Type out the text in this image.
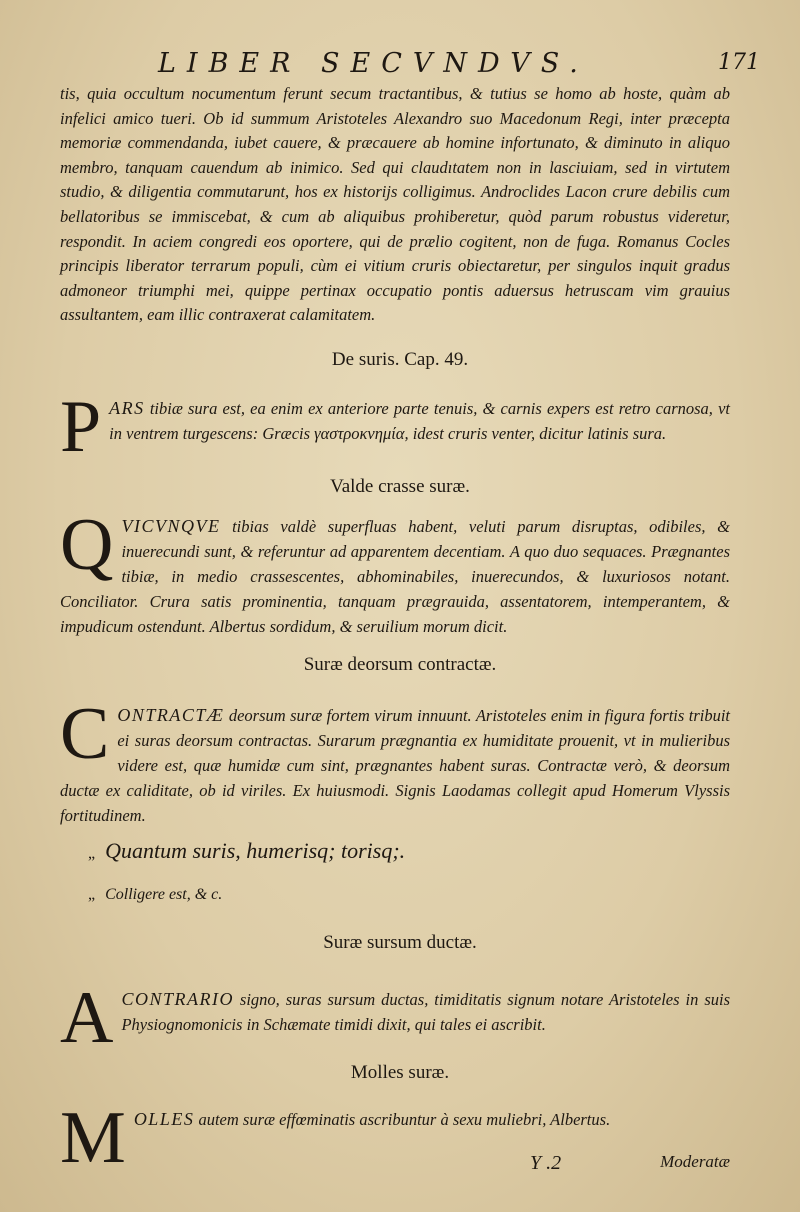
LIBER SECVNDVS.	171

tis, quia occultum nocumentum ferunt secum tractantibus, & tutius se homo ab hoste, quàm ab infelici amico tueri. Ob id summum Aristoteles Alexandro suo Macedonum Regi, inter præcepta memoriæ commendanda, iubet cauere, & præcauere ab homine infortunato, & diminuto in aliquo membro, tanquam cauendum ab inimico. Sed qui claudıtatem non in lasciuiam, sed in virtutem studio, & diligentia commutarunt, hos ex historijs colligimus. Androclides Lacon crure debilis cum bellatoribus se immiscebat, & cum ab aliquibus prohiberetur, quòd parum robustus videretur, respondit. In aciem congredi eos oportere, qui de prælio cogitent, non de fuga. Romanus Cocles principis liberator terrarum populi, cùm ei vitium cruris obiectaretur, per singulos inquit gradus admoneor triumphi mei, quippe pertinax occupatio pontis aduersus hetruscam vim grauius assultantem, eam illic contraxerat calamitatem.

De suris. Cap. 49.
PARS tibiæ sura est, ea enim ex anteriore parte tenuis, & carnis expers est retro carnosa, vt in ventrem turgescens: Græcis γαστροκνημία, idest cruris venter, dicitur latinis sura.
Valde crasse suræ.
QVICVNQVE tibias valdè superfluas habent, veluti parum disruptas, odibiles, & inuerecundi sunt, & referuntur ad apparentem decentiam. A quo duo sequaces. Prægnantes tibiæ, in medio crassescentes, abhominabiles, inuerecundos, & luxuriosos notant. Conciliator. Crura satis prominentia, tanquam prægrauida, assentatorem, intemperantem, & impudicum ostendunt. Albertus sordidum, & seruilium morum dicit.
Suræ deorsum contractæ.
CONTRACTÆ deorsum suræ fortem virum innuunt. Aristoteles enim in figura fortis tribuit ei suras deorsum contractas. Surarum prægnantia ex humiditate prouenit, vt in mulieribus videre est, quæ humidæ cum sint, prægnantes habent suras. Contractæ verò, & deorsum ductæ ex caliditate, ob id viriles. Ex huiusmodi. Signis Laodamas collegit apud Homerum Vlyssis fortitudinem.
„ Quantum suris, humerisq; torisq;.
„ Colligere est, & c.
Suræ sursum ductæ.
ACONTRARIO signo, suras sursum ductas, timiditatis signum notare Aristoteles in suis Physiognomonicis in Schæmate timidi dixit, qui tales ei ascribit.
Molles suræ.
MOLLES autem suræ effœminatis ascribuntur à sexu muliebri, Albertus.
Y .2	Moderatæ
